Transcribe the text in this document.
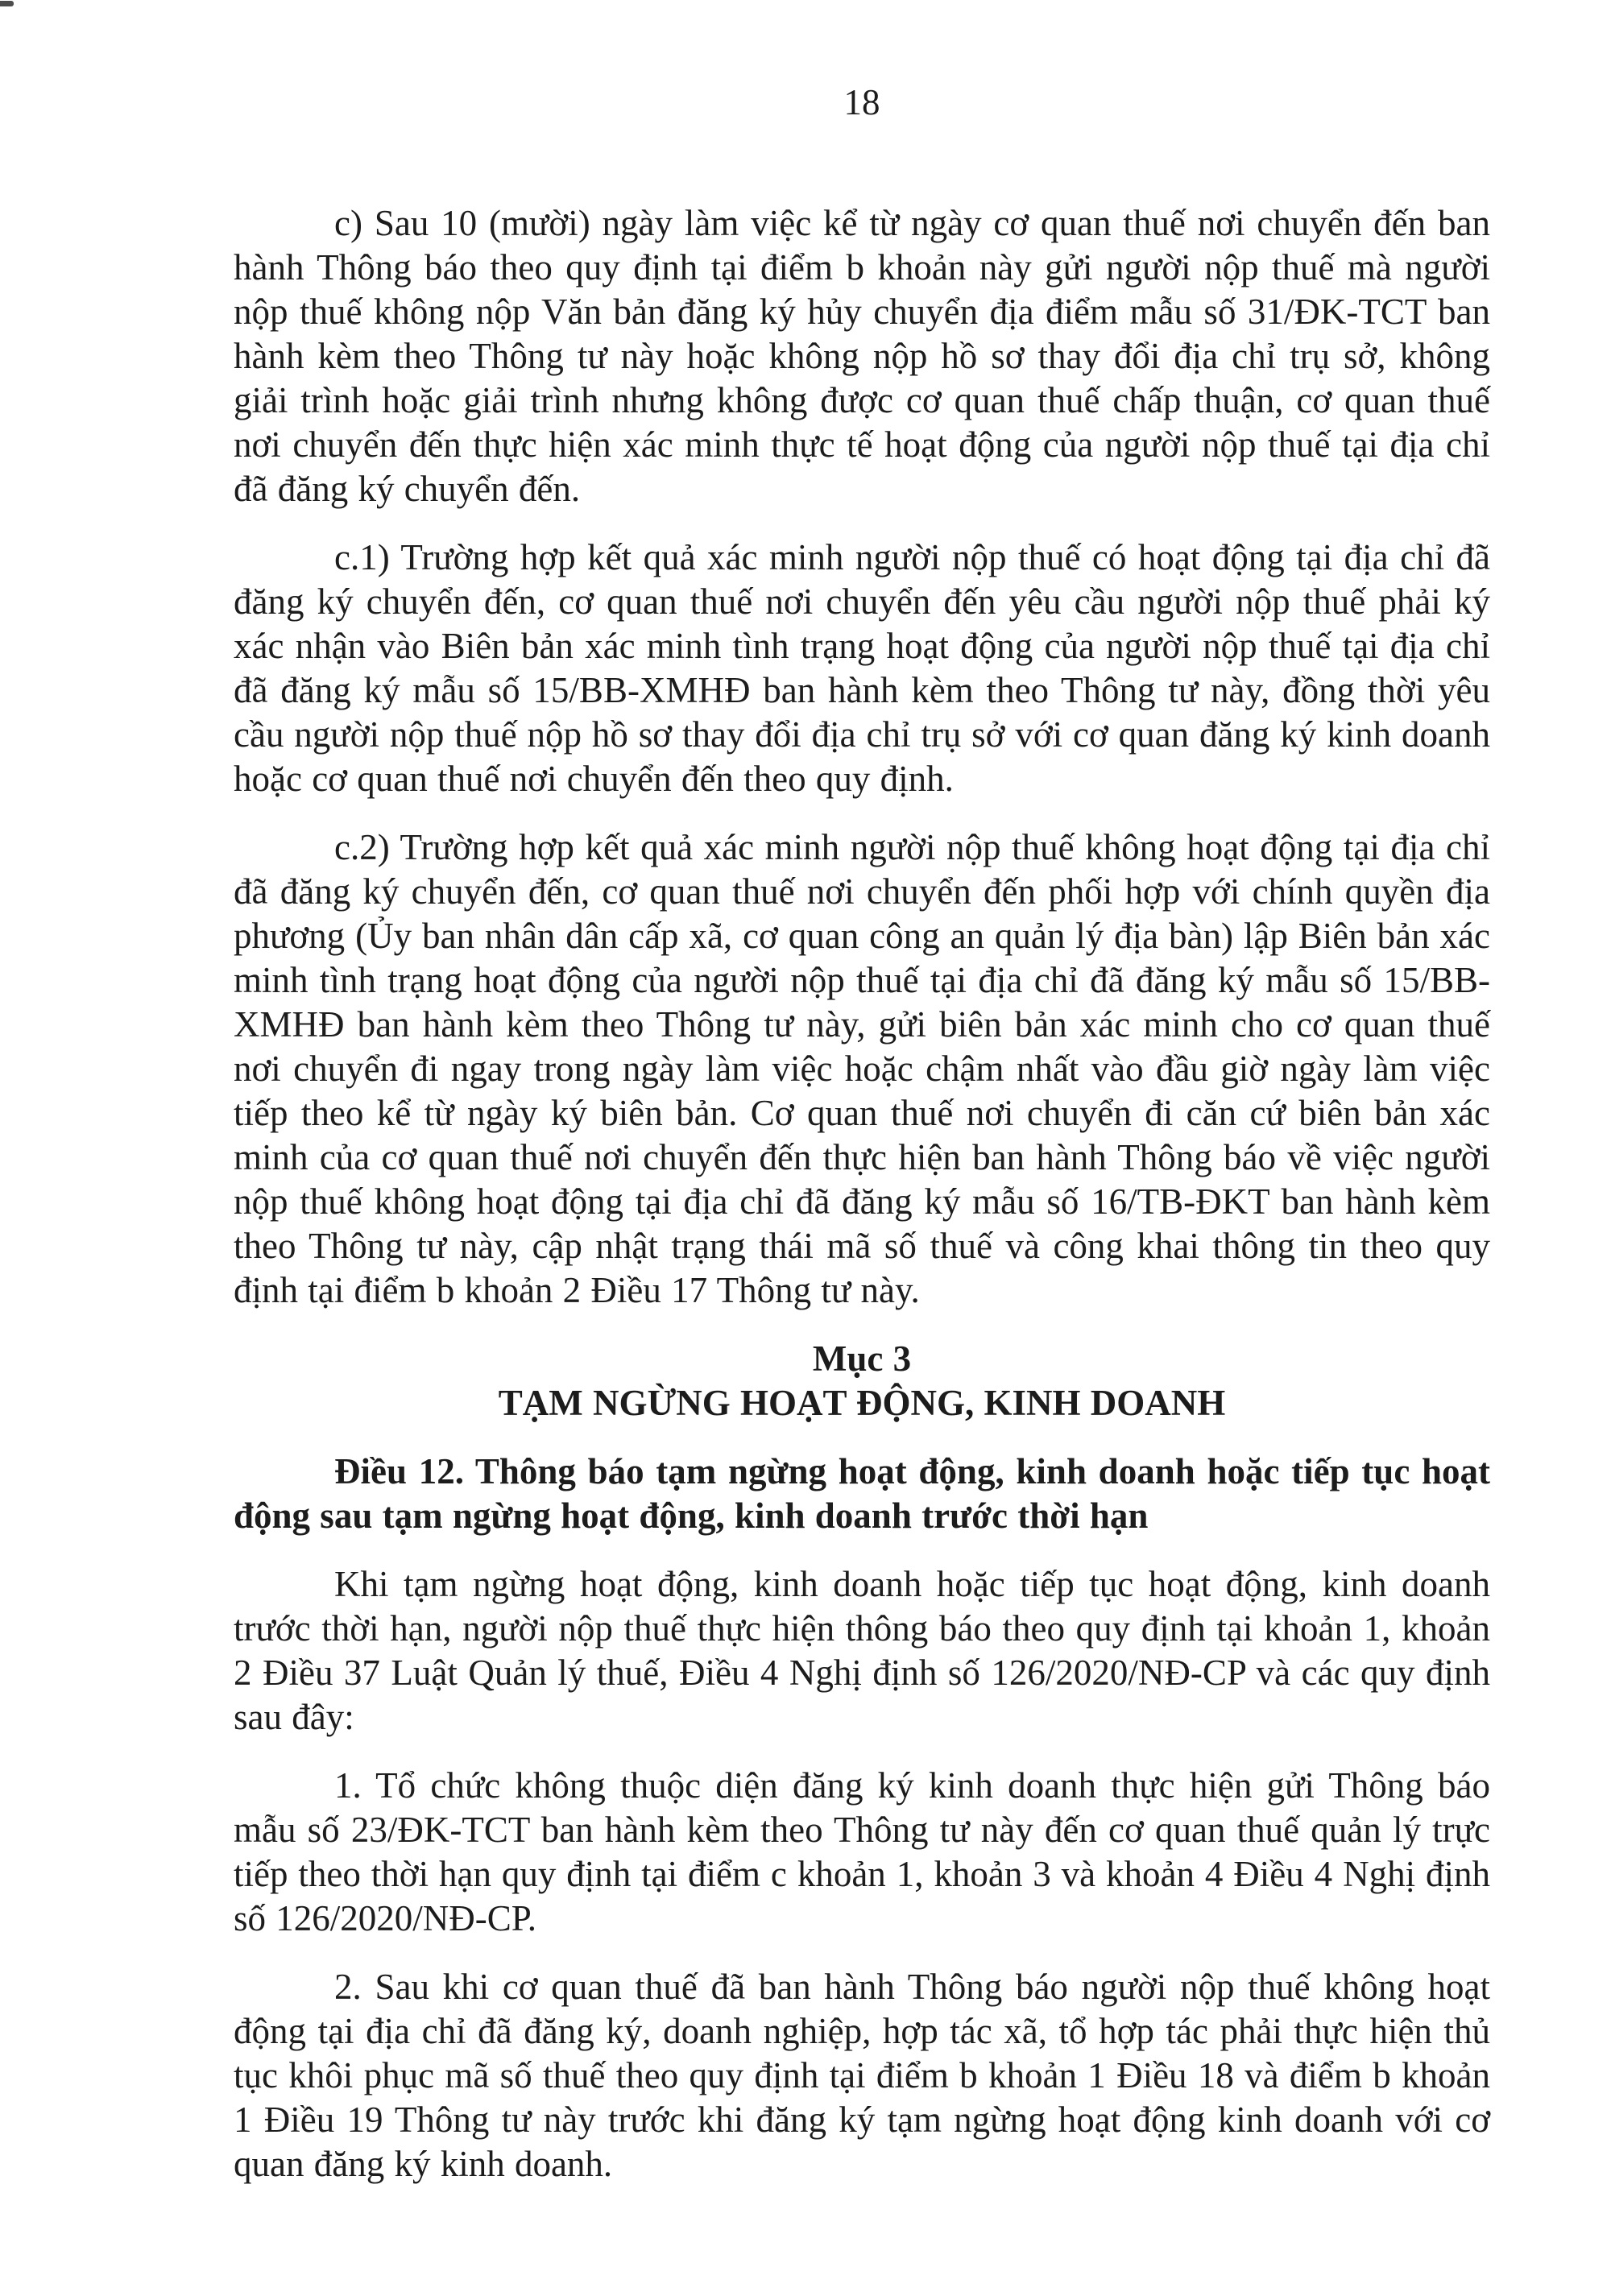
18

c) Sau 10 (mười) ngày làm việc kể từ ngày cơ quan thuế nơi chuyển đến ban hành Thông báo theo quy định tại điểm b khoản này gửi người nộp thuế mà người nộp thuế không nộp Văn bản đăng ký hủy chuyển địa điểm mẫu số 31/ĐK-TCT ban hành kèm theo Thông tư này hoặc không nộp hồ sơ thay đổi địa chỉ trụ sở, không giải trình hoặc giải trình nhưng không được cơ quan thuế chấp thuận, cơ quan thuế nơi chuyển đến thực hiện xác minh thực tế hoạt động của người nộp thuế tại địa chỉ đã đăng ký chuyển đến.

c.1) Trường hợp kết quả xác minh người nộp thuế có hoạt động tại địa chỉ đã đăng ký chuyển đến, cơ quan thuế nơi chuyển đến yêu cầu người nộp thuế phải ký xác nhận vào Biên bản xác minh tình trạng hoạt động của người nộp thuế tại địa chỉ đã đăng ký mẫu số 15/BB-XMHĐ ban hành kèm theo Thông tư này, đồng thời yêu cầu người nộp thuế nộp hồ sơ thay đổi địa chỉ trụ sở với cơ quan đăng ký kinh doanh hoặc cơ quan thuế nơi chuyển đến theo quy định.

c.2) Trường hợp kết quả xác minh người nộp thuế không hoạt động tại địa chỉ đã đăng ký chuyển đến, cơ quan thuế nơi chuyển đến phối hợp với chính quyền địa phương (Ủy ban nhân dân cấp xã, cơ quan công an quản lý địa bàn) lập Biên bản xác minh tình trạng hoạt động của người nộp thuế tại địa chỉ đã đăng ký mẫu số 15/BB-XMHĐ ban hành kèm theo Thông tư này, gửi biên bản xác minh cho cơ quan thuế nơi chuyển đi ngay trong ngày làm việc hoặc chậm nhất vào đầu giờ ngày làm việc tiếp theo kể từ ngày ký biên bản. Cơ quan thuế nơi chuyển đi căn cứ biên bản xác minh của cơ quan thuế nơi chuyển đến thực hiện ban hành Thông báo về việc người nộp thuế không hoạt động tại địa chỉ đã đăng ký mẫu số 16/TB-ĐKT ban hành kèm theo Thông tư này, cập nhật trạng thái mã số thuế và công khai thông tin theo quy định tại điểm b khoản 2 Điều 17 Thông tư này.

Mục 3

TẠM NGỪNG HOẠT ĐỘNG, KINH DOANH

Điều 12. Thông báo tạm ngừng hoạt động, kinh doanh hoặc tiếp tục hoạt động sau tạm ngừng hoạt động, kinh doanh trước thời hạn

Khi tạm ngừng hoạt động, kinh doanh hoặc tiếp tục hoạt động, kinh doanh trước thời hạn, người nộp thuế thực hiện thông báo theo quy định tại khoản 1, khoản 2 Điều 37 Luật Quản lý thuế, Điều 4 Nghị định số 126/2020/NĐ-CP và các quy định sau đây:

1. Tổ chức không thuộc diện đăng ký kinh doanh thực hiện gửi Thông báo mẫu số 23/ĐK-TCT ban hành kèm theo Thông tư này đến cơ quan thuế quản lý trực tiếp theo thời hạn quy định tại điểm c khoản 1, khoản 3 và khoản 4 Điều 4 Nghị định số 126/2020/NĐ-CP.

2. Sau khi cơ quan thuế đã ban hành Thông báo người nộp thuế không hoạt động tại địa chỉ đã đăng ký, doanh nghiệp, hợp tác xã, tổ hợp tác phải thực hiện thủ tục khôi phục mã số thuế theo quy định tại điểm b khoản 1 Điều 18 và điểm b khoản 1 Điều 19 Thông tư này trước khi đăng ký tạm ngừng hoạt động kinh doanh với cơ quan đăng ký kinh doanh.
